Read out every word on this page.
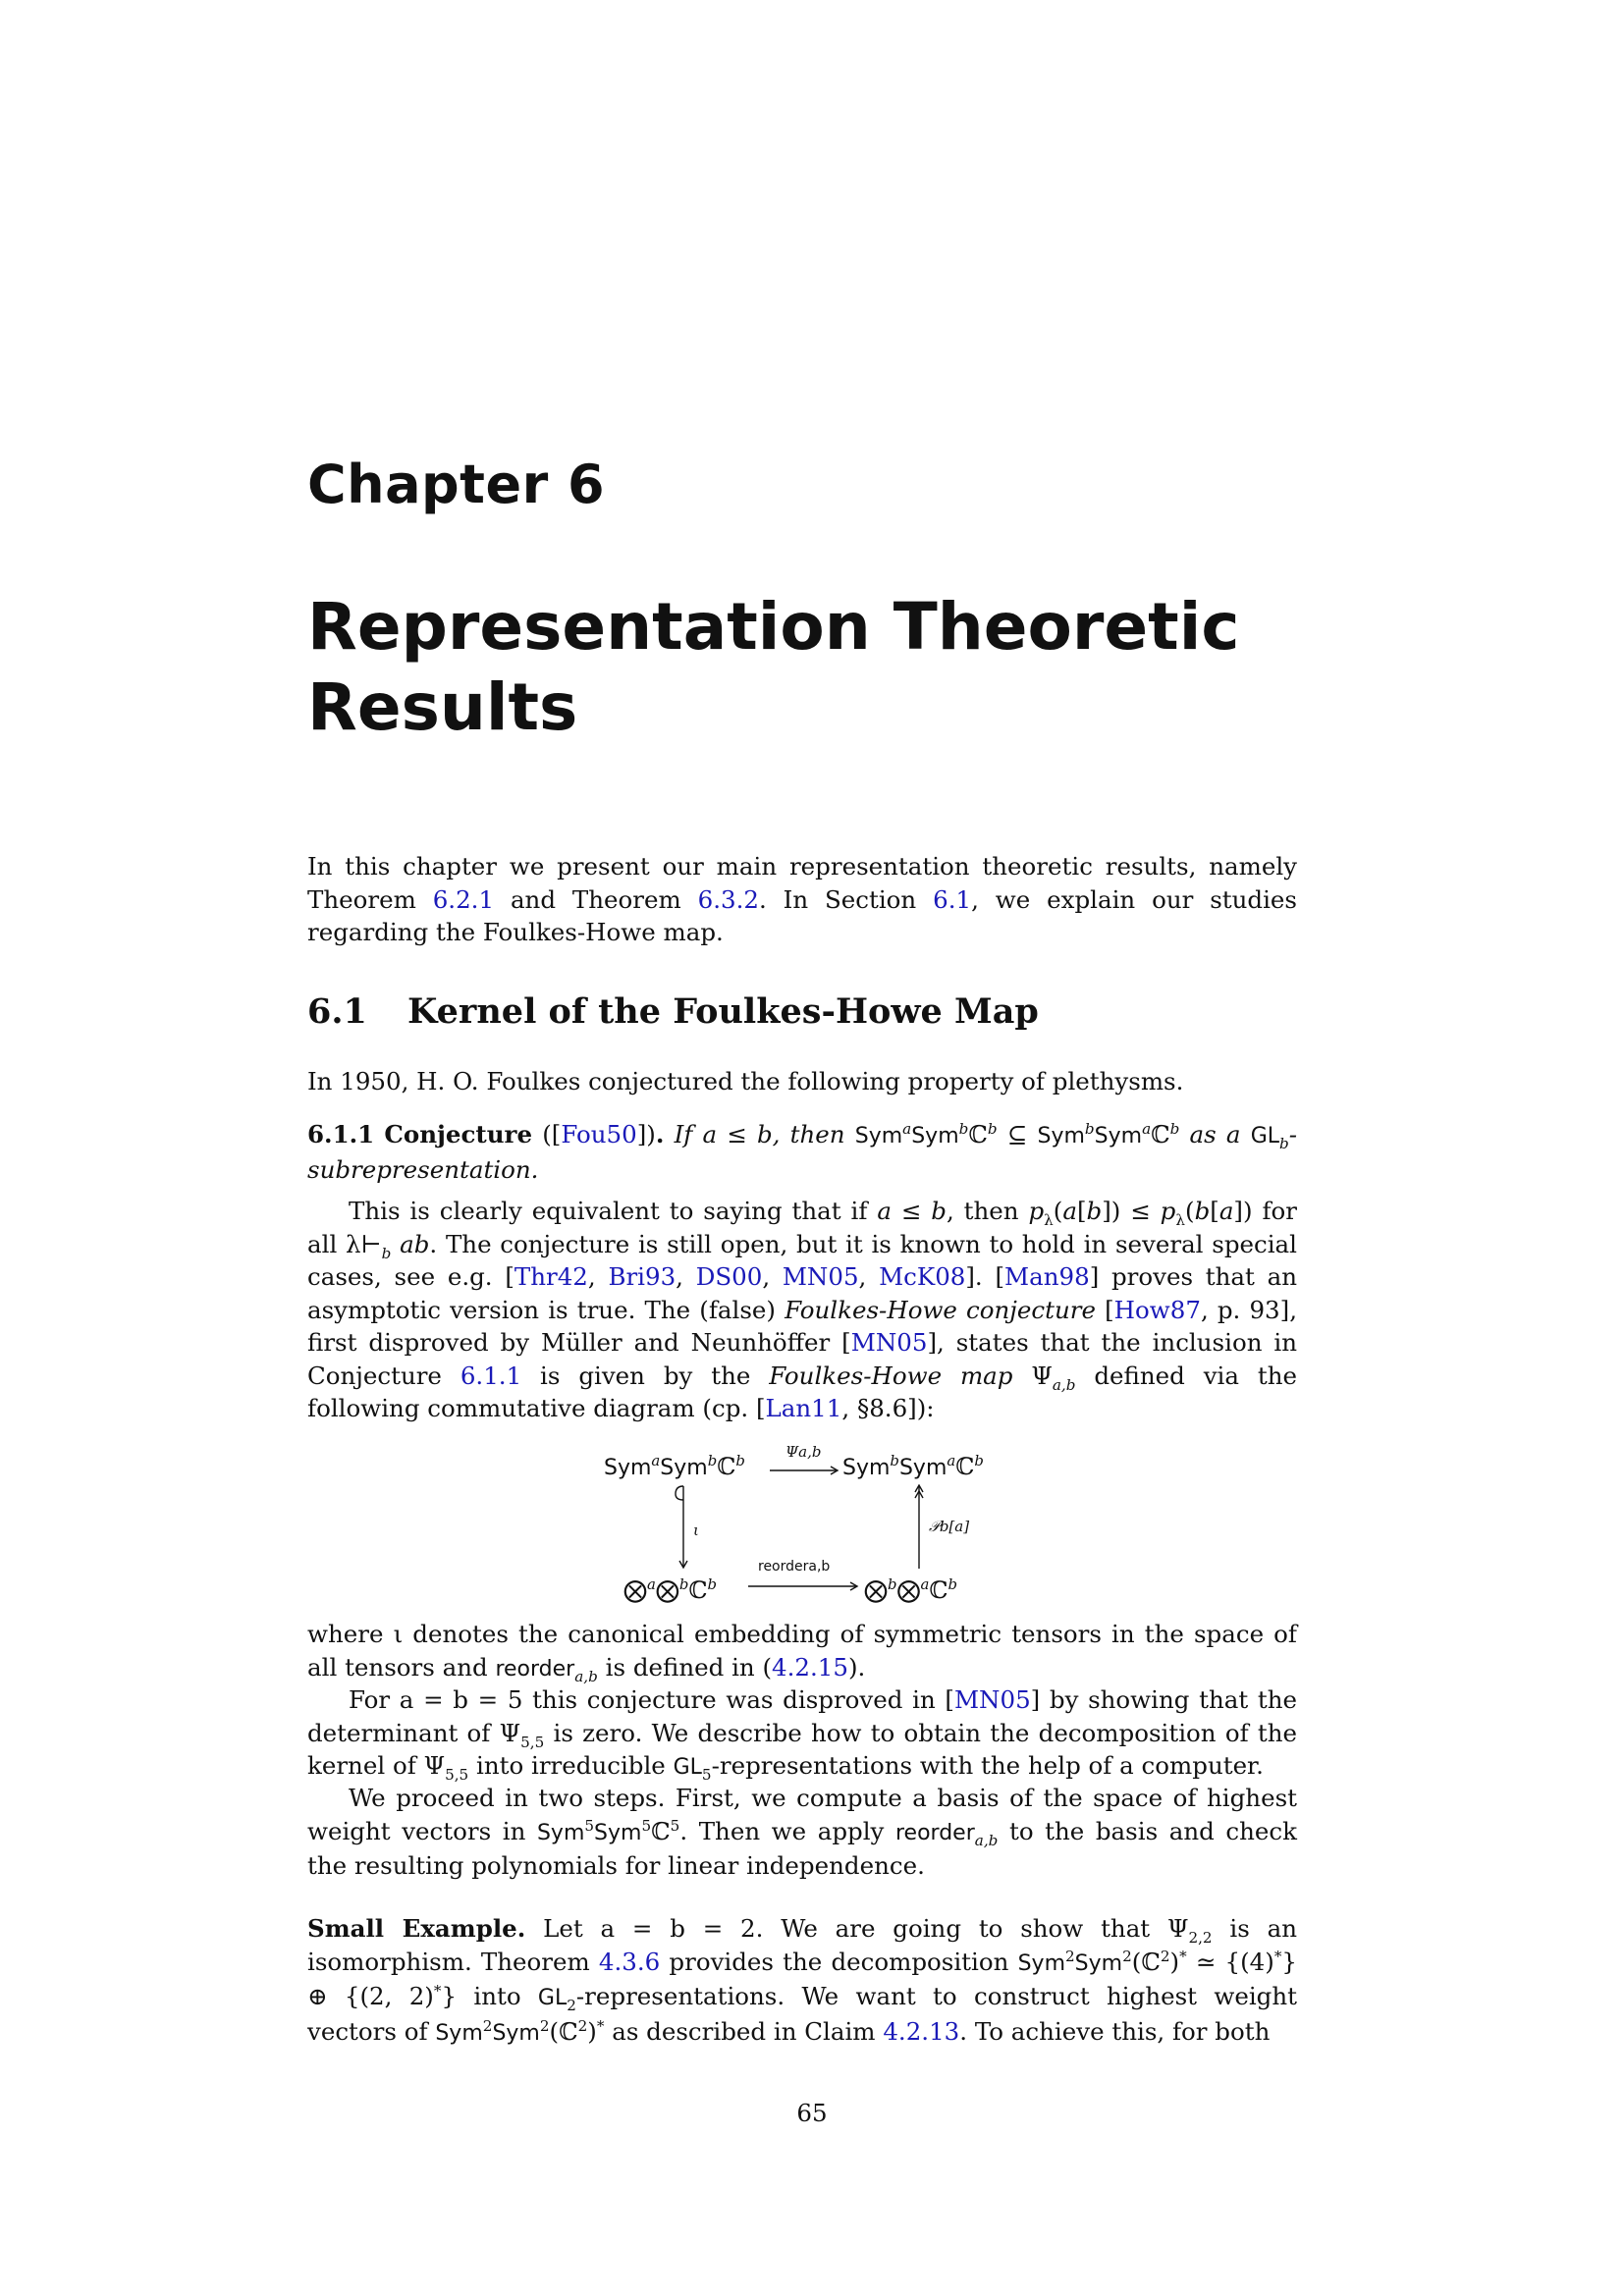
Chapter 6
Representation Theoretic Results
In this chapter we present our main representation theoretic results, namely Theorem 6.2.1 and Theorem 6.3.2. In Section 6.1, we explain our studies regarding the Foulkes-Howe map.
6.1 Kernel of the Foulkes-Howe Map
In 1950, H. O. Foulkes conjectured the following property of plethysms.
6.1.1 Conjecture ([Fou50]). If a ≤ b, then Sym$^a$Sym$^b$ℂ$^b$ ⊆ Sym$^b$Sym$^a$ℂ$^b$ as a $GL_b$-subrepresentation.
This is clearly equivalent to saying that if a ≤ b, then $p_\lambda(a[b]) \le p_\lambda(b[a])$ for all $\lambda⊢_b$ ab. The conjecture is still open, but it is known to hold in several special cases, see e.g. [Thr42, Bri93, DS00, MN05, McK08]. [Man98] proves that an asymptotic version is true. The (false) Foulkes-Howe conjecture [How87, p. 93], first disproved by Müller and Neunhöffer [MN05], states that the inclusion in Conjecture 6.1.1 is given by the Foulkes-Howe map $\Psi_{a,b}$ defined via the following commutative diagram (cp. [Lan11, §8.6]):
Sym$^a$Sym$^b$ℂ$^b$	Sym$^b$Sym$^a$ℂ$^b$
⨂$^a$⨂$^b$ℂ$^b$	⨂$^b$⨂$^a$ℂ$^b$
Ψa,b
reordera,b
ι	𝒫b[a]
where ι denotes the canonical embedding of symmetric tensors in the space of all tensors and reorder$_{a,b}$ is defined in (4.2.15).
For a = b = 5 this conjecture was disproved in [MN05] by showing that the determinant of $\Psi_{5,5}$ is zero. We describe how to obtain the decomposition of the kernel of $\Psi_{5,5}$ into irreducible $GL_5$-representations with the help of a computer.
We proceed in two steps. First, we compute a basis of the space of highest weight vectors in Sym$^5$Sym$^5$ℂ$^5$. Then we apply reorder$_{a,b}$ to the basis and check the resulting polynomials for linear independence.
Small Example. Let a = b = 2. We are going to show that $\Psi_{2,2}$ is an isomorphism. Theorem 4.3.6 provides the decomposition Sym$^2$Sym$^2$(ℂ$^2$)* ≃ {(4)*} ⊕ {(2, 2)*} into $GL_2$-representations. We want to construct highest weight vectors of Sym$^2$Sym$^2$(ℂ$^2$)* as described in Claim 4.2.13. To achieve this, for both
65
